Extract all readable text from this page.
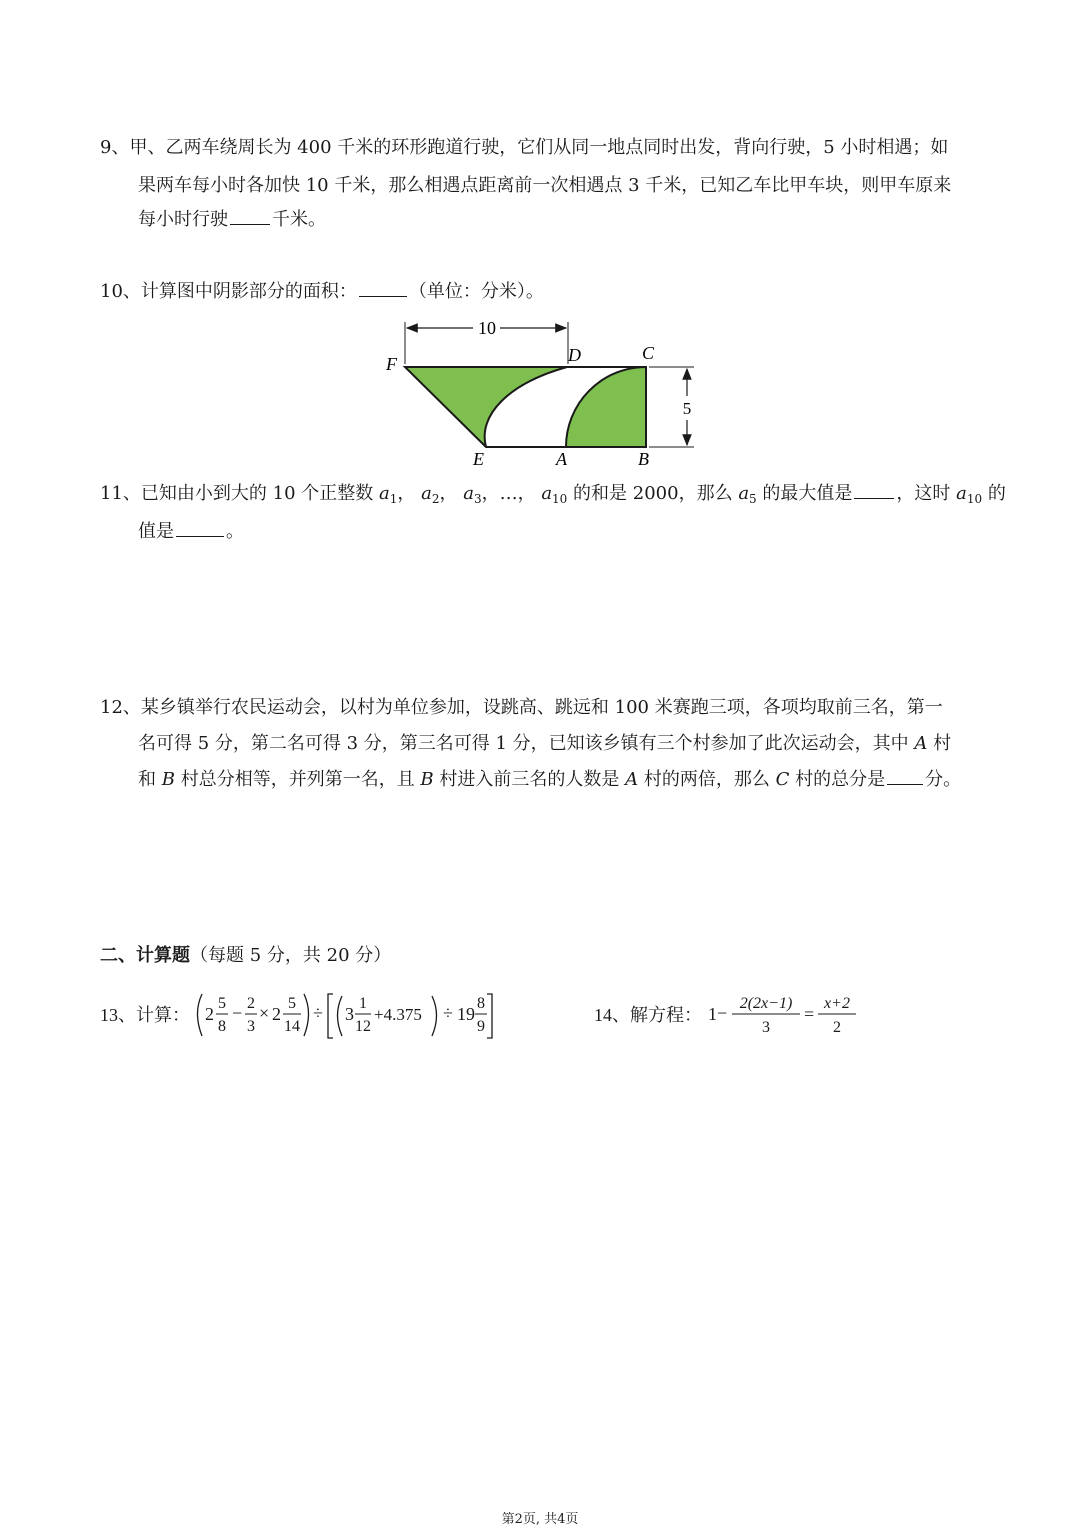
9、甲、乙两车绕周长为 400 千米的环形跑道行驶，它们从同一地点同时出发，背向行驶，5 小时相遇；如
果两车每小时各加快 10 千米，那么相遇点距离前一次相遇点 3 千米，已知乙车比甲车块，则甲车原来
每小时行驶 千米。
10、计算图中阴影部分的面积：	（单位：分米）。
10
5
F	D	C
E	A	B
11、已知由小到大的 10 个正整数 $a_1$， $a_2$， $a_3$，…， $a_{10}$ 的和是 2000，那么 $a_5$ 的最大值是 ，这时 $a_{10}$ 的
值是	。
12、某乡镇举行农民运动会，以村为单位参加，设跳高、跳远和 100 米赛跑三项，各项均取前三名，第一
名可得 5 分，第二名可得 3 分，第三名可得 1 分，已知该乡镇有三个村参加了此次运动会，其中 A 村
和 B 村总分相等，并列第一名，且 B 村进入前三名的人数是 A 村的两倍，那么 C 村的总分是 分。
二、计算题（每题 5 分，共 20 分）
13、计算： 2
5
8
− 2
3
× 2
5
14
÷ 3
1
12
+4.375 ÷ 19
8
9
14、解方程： 1 − 2(2x−1)
3
=
x+2
2
第2页, 共4页
